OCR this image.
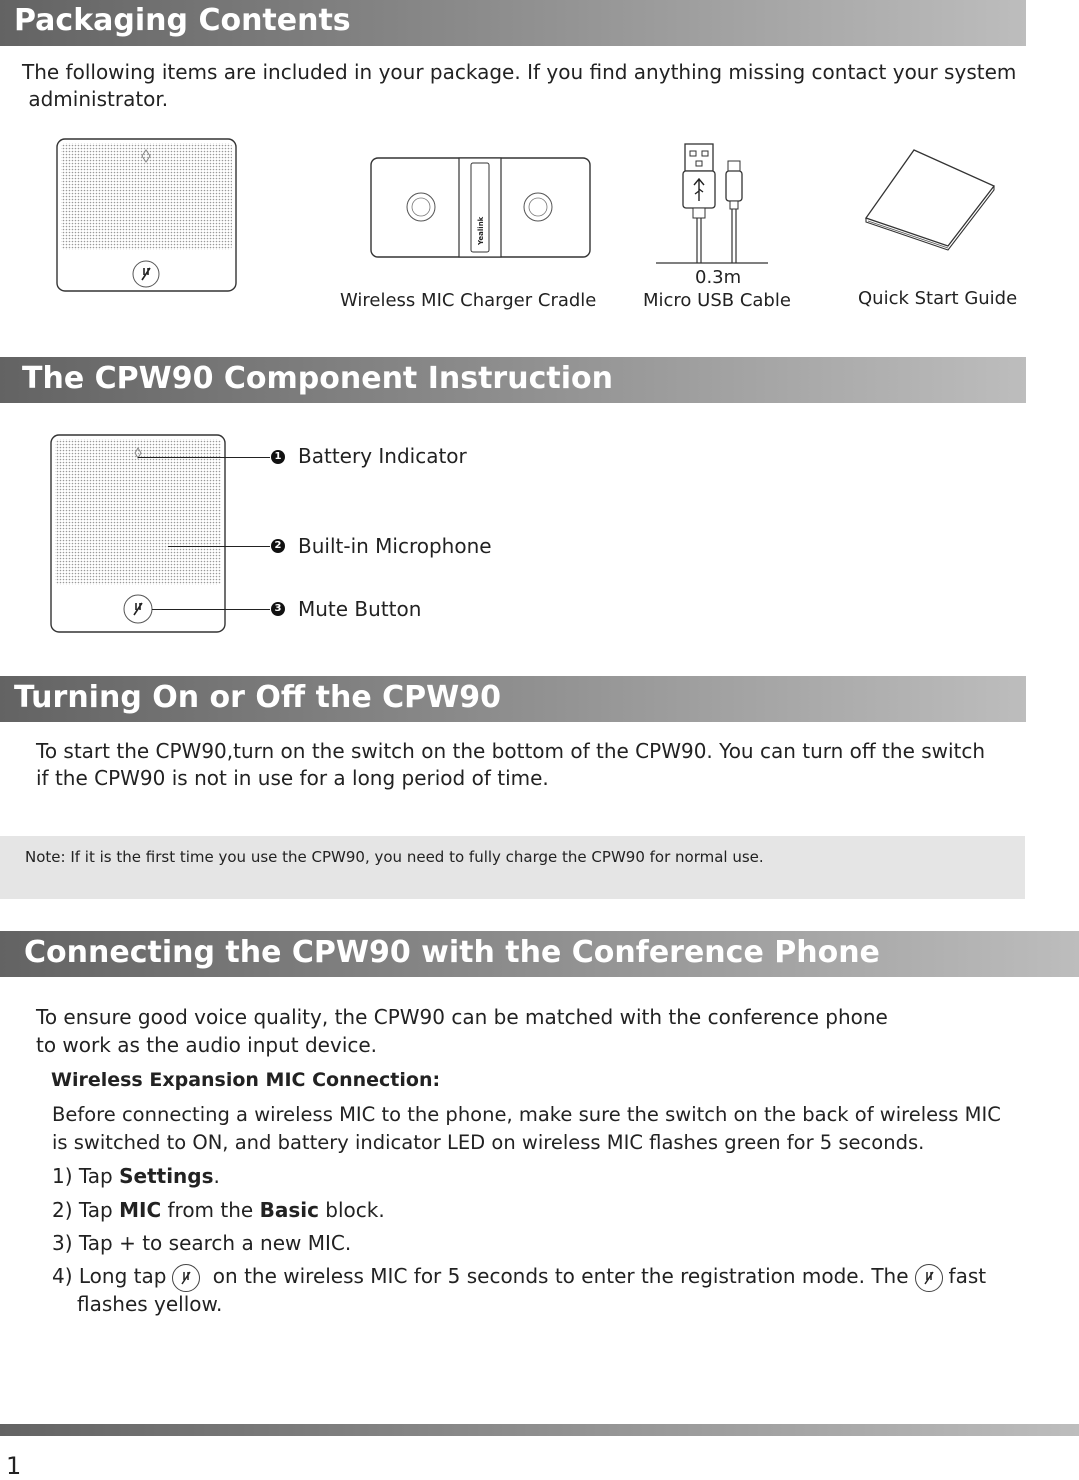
Packaging Contents
The following items are included in your package. If you find anything missing contact your system
administrator.
Yealink
Wireless MIC Charger Cradle
0.3m
Micro USB Cable	Quick Start Guide
The CPW90 Component Instruction
1 Battery Indicator
2 Built-in Microphone
3 Mute Button
Turning On or Off the CPW90
To start the CPW90,turn on the switch on the bottom of the CPW90. You can turn off the switch
if the CPW90 is not in use for a long period of time.
Note: If it is the first time you use the CPW90, you need to fully charge the CPW90 for normal use.
Connecting the CPW90 with the Conference Phone
To ensure good voice quality, the CPW90 can be matched with the conference phone
to work as the audio input device.
Wireless Expansion MIC Connection:
Before connecting a wireless MIC to the phone, make sure the switch on the back of wireless MIC
is switched to ON, and battery indicator LED on wireless MIC flashes green for 5 seconds.
1) Tap Settings.
2) Tap MIC from the Basic block.
3) Tap + to search a new MIC.
4) Long tap
on the wireless MIC for 5 seconds to enter the registration mode. The fast
flashes yellow.
1
